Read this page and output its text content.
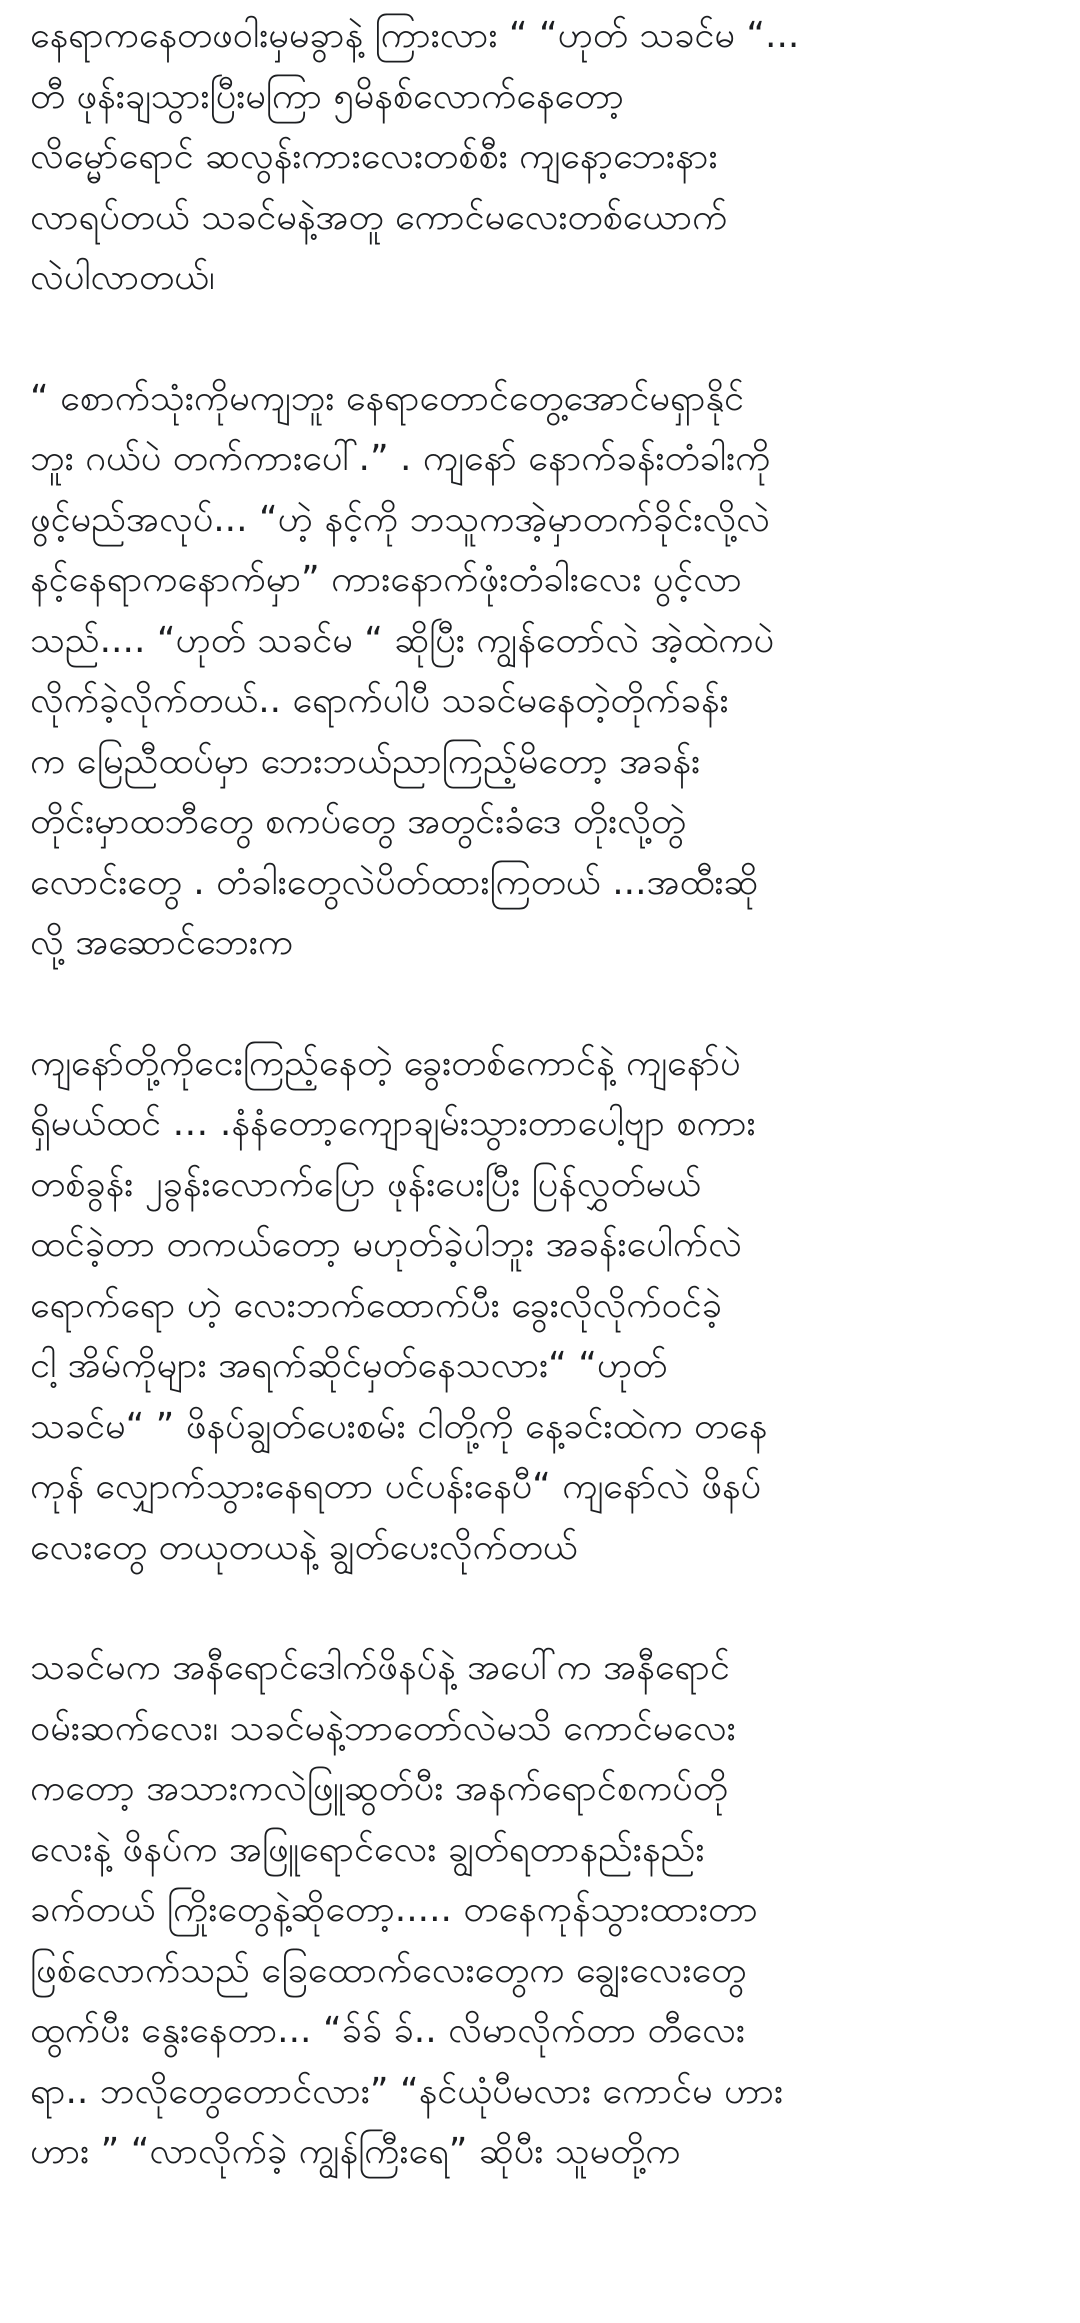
နေရာကနေတဖ၀ါးမှမခွာနဲ့ ကြားလား “ “ဟုတ် သခင်မ “...
တီ ဖုန်းချသွားပြီးမကြာ ၅မိနစ်လောက်နေတော့
လိမ္မော်ရောင် ဆလွန်းကားလေးတစ်စီး ကျနော့ဘေးနား
လာရပ်တယ် သခင်မနဲ့အတူ ကောင်မလေးတစ်ယောက်
လဲပါလာတယ်၊

“ စောက်သုံးကိုမကျဘူး နေရာတောင်တွေ့အောင်မရှာနိုင်
ဘူး ဂယ်ပဲ တက်ကားပေါ်.” . ကျနော် နောက်ခန်းတံခါးကို
ဖွင့်မည်အလုပ်... “ဟဲ့ နင့်ကို ဘသူကအဲ့မှာတက်ခိုင်းလို့လဲ
နင့်နေရာကနောက်မှာ” ကားနောက်ဖုံးတံခါးလေး ပွင့်လာ
သည်.... “ဟုတ် သခင်မ “ ဆိုပြီး ကျွန်တော်လဲ အဲ့ထဲကပဲ
လိုက်ခဲ့လိုက်တယ်.. ရောက်ပါပီ သခင်မနေတဲ့တိုက်ခန်း
က မြေညီထပ်မှာ ဘေးဘယ်ညာကြည့်မိတော့ အခန်း
တိုင်းမှာထဘီတွေ စကပ်တွေ အတွင်းခံဒေ တိုးလို့တွဲ
လောင်းတွေ . တံခါးတွေလဲပိတ်ထားကြတယ် ...အထီးဆို
လို့ အဆောင်ဘေးက

ကျနော်တို့ကိုငေးကြည့်နေတဲ့ ခွေးတစ်ကောင်နဲ့ ကျနော်ပဲ
ရှိမယ်ထင် … .နံနံတော့ကျောချမ်းသွားတာပေါ့ဗျာ စကား
တစ်ခွန်း ၂ခွန်းလောက်ပြော ဖုန်းပေးပြီး ပြန်လွှတ်မယ်
ထင်ခဲ့တာ တကယ်တော့ မဟုတ်ခဲ့ပါဘူး အခန်းပေါက်လဲ
ရောက်ရော ဟဲ့ လေးဘက်ထောက်ပီး ခွေးလိုလိုက်ဝင်ခဲ့
ငါ့ အိမ်ကိုများ အရက်ဆိုင်မှတ်နေသလား“ “ဟုတ်
သခင်မ“ ” ဖိနပ်ချွတ်ပေးစမ်း ငါတို့ကို နေ့ခင်းထဲက တနေ
ကုန် လျှောက်သွားနေရတာ ပင်ပန်းနေပီ“ ကျနော်လဲ ဖိနပ်
လေးတွေ တယုတယနဲ့ ချွတ်ပေးလိုက်တယ်

သခင်မက အနီရောင်ဒေါက်ဖိနပ်နဲ့ အပေါ်က အနီရောင်
ဝမ်းဆက်လေး၊ သခင်မနဲ့ဘာတော်လဲမသိ ကောင်မလေး
ကတော့ အသားကလဲဖြူဆွတ်ပီး အနက်ရောင်စကပ်တို
လေးနဲ့ ဖိနပ်က အဖြူရောင်လေး ချွတ်ရတာနည်းနည်း
ခက်တယ် ကြိုးတွေနဲ့ဆိုတော့..... တနေကုန်သွားထားတာ
ဖြစ်လောက်သည် ခြေထောက်လေးတွေက ချွေးလေးတွေ
ထွက်ပီး နွေးနေတာ... “ခ်ခ် ခ်.. လိမာလိုက်တာ တီလေး
ရာ.. ဘလိုတွေတောင်လား” “နင်ယုံပီမလား ကောင်မ ဟား
ဟား ” “လာလိုက်ခဲ့ ကျွန်ကြီးရေ” ဆိုပီး သူမတို့က
